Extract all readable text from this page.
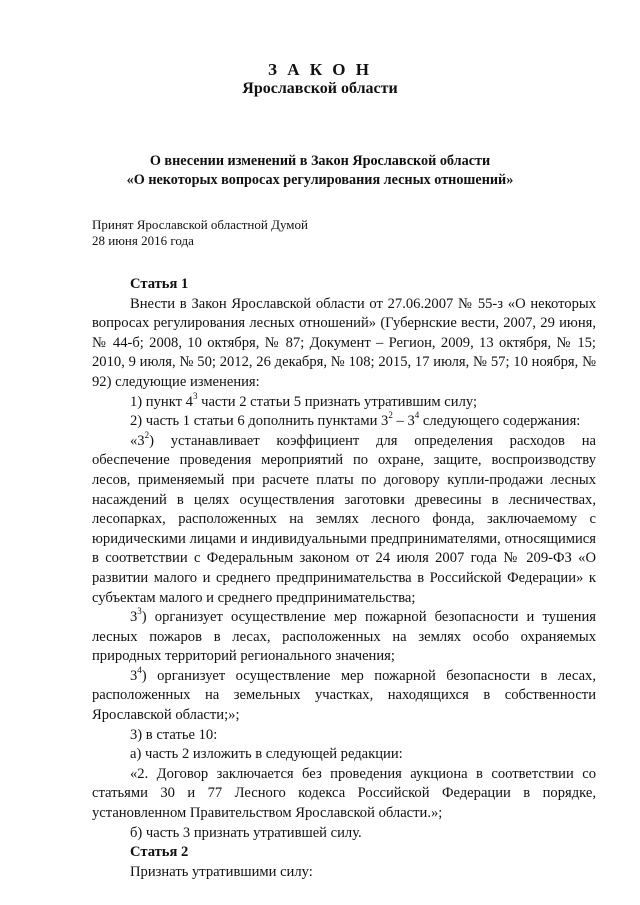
З А К О Н
Ярославской области
О внесении изменений в Закон Ярославской области
«О некоторых вопросах регулирования лесных отношений»
Принят Ярославской областной Думой
28 июня 2016 года
Статья 1

Внести в Закон Ярославской области от 27.06.2007 № 55-з «О некоторых вопросах регулирования лесных отношений» (Губернские вести, 2007, 29 июня, № 44-б; 2008, 10 октября, № 87; Документ – Регион, 2009, 13 октября, № 15; 2010, 9 июля, № 50; 2012, 26 декабря, № 108; 2015, 17 июля, № 57; 10 ноября, № 92) следующие изменения:

1) пункт $4^3$ части 2 статьи 5 признать утратившим силу;

2) часть 1 статьи 6 дополнить пунктами $3^2 - 3^4$ следующего содержания:

«$3^2$) устанавливает коэффициент для определения расходов на обеспечение проведения мероприятий по охране, защите, воспроизводству лесов, применяемый при расчете платы по договору купли-продажи лесных насаждений в целях осуществления заготовки древесины в лесничествах, лесопарках, расположенных на землях лесного фонда, заключаемому с юридическими лицами и индивидуальными предпринимателями, относящимися в соответствии с Федеральным законом от 24 июля 2007 года № 209-ФЗ «О развитии малого и среднего предпринимательства в Российской Федерации» к субъектам малого и среднего предпринимательства;

$3^3$) организует осуществление мер пожарной безопасности и тушения лесных пожаров в лесах, расположенных на землях особо охраняемых природных территорий регионального значения;

$3^4$) организует осуществление мер пожарной безопасности в лесах, расположенных на земельных участках, находящихся в собственности Ярославской области;»;

3) в статье 10:

а) часть 2 изложить в следующей редакции:

«2. Договор заключается без проведения аукциона в соответствии со статьями 30 и 77 Лесного кодекса Российской Федерации в порядке, установленном Правительством Ярославской области.»;

б) часть 3 признать утратившей силу.

Статья 2

Признать утратившими силу:
